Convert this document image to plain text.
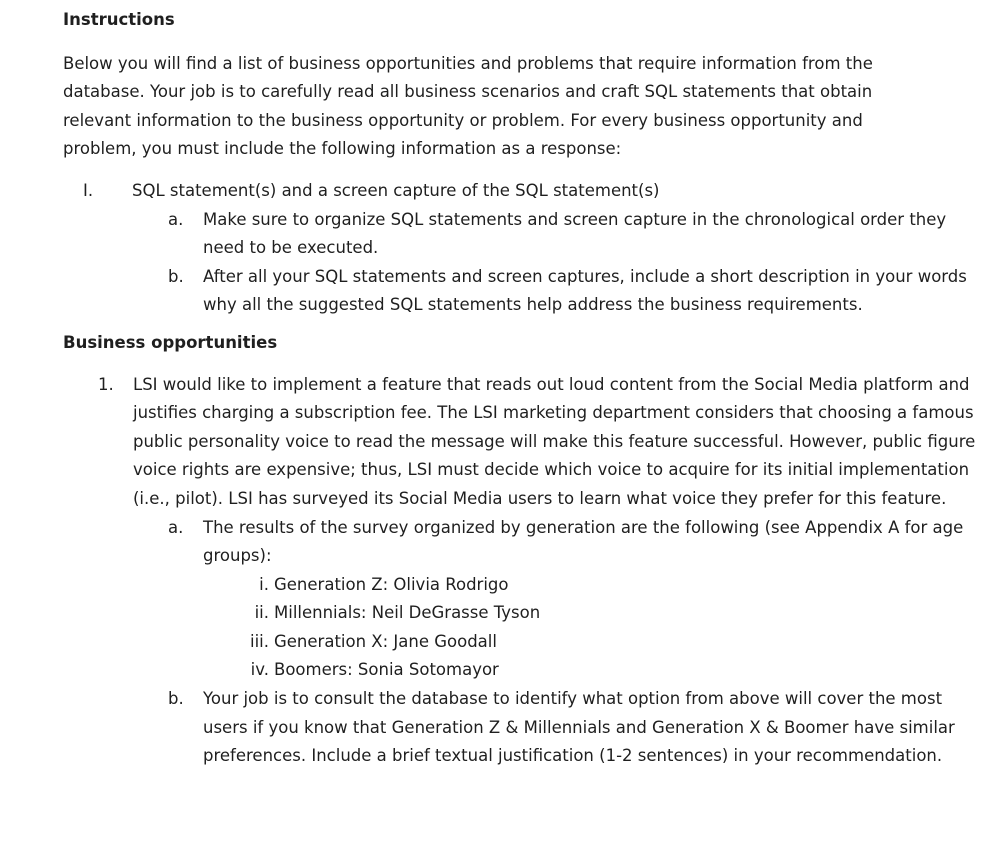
Instructions

Below you will find a list of business opportunities and problems that require information from the database. Your job is to carefully read all business scenarios and craft SQL statements that obtain relevant information to the business opportunity or problem. For every business opportunity and problem, you must include the following information as a response:

I. SQL statement(s) and a screen capture of the SQL statement(s)
a.	Make sure to organize SQL statements and screen capture in the chronological order they need to be executed.
b.	After all your SQL statements and screen captures, include a short description in your words why all the suggested SQL statements help address the business requirements.

Business opportunities

1. LSI would like to implement a feature that reads out loud content from the Social Media platform and justifies charging a subscription fee. The LSI marketing department considers that choosing a famous public personality voice to read the message will make this feature successful. However, public figure voice rights are expensive; thus, LSI must decide which voice to acquire for its initial implementation (i.e., pilot). LSI has surveyed its Social Media users to learn what voice they prefer for this feature.
a. The results of the survey organized by generation are the following (see Appendix A for age groups):
i. Generation Z: Olivia Rodrigo
ii. Millennials: Neil DeGrasse Tyson
iii. Generation X: Jane Goodall
iv. Boomers: Sonia Sotomayor
b. Your job is to consult the database to identify what option from above will cover the most users if you know that Generation Z & Millennials and Generation X & Boomer have similar preferences. Include a brief textual justification (1-2 sentences) in your recommendation.
